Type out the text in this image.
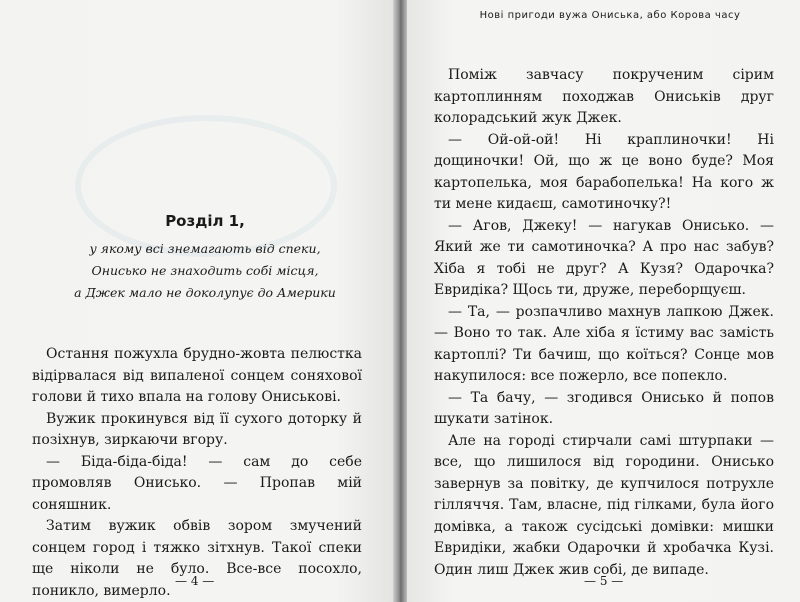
Розділ 1,
у якому всі знемагають від спеки,
Онисько не знаходить собі місця,
а Джек мало не доколупує до Америки

Остання пожухла брудно-жовта пелюстка відірвалася від випаленої сонцем соняхової голови й тихо впала на голову Ониськові.

Вужик прокинувся від її сухого доторку й позіхнув, зиркаючи вгору.

— Біда-біда-біда! — сам до себе промовляв Онисько. — Пропав мій соняшник.

Затим вужик обвів зором змучений сонцем город і тяжко зітхнув. Такої спеки ще ніколи не було. Все-все посохло, поникло, вимерло.

— 4 —
Нові пригоди вужа Ониська, або Корова часу

Поміж завчасу покрученим сірим картоплинням походжав Ониськів друг колорадський жук Джек.

— Ой-ой-ой! Ні краплиночки! Ні дощиночки! Ой, що ж це воно буде? Моя картопелька, моя барабопелька! На кого ж ти мене кидаєш, самотиночку?!

— Агов, Джеку! — нагукав Онисько. — Який же ти самотиночка? А про нас забув? Хіба я тобі не друг? А Кузя? Одарочка? Евридіка? Щось ти, друже, переборщуєш.

— Та, — розпачливо махнув лапкою Джек. — Воно то так. Але хіба я їстиму вас замість картоплі? Ти бачиш, що коїться? Сонце мов накупилося: все пожерло, все попекло.

— Та бачу, — згодився Онисько й попов шукати затінок.

Але на городі стирчали самі штурпаки — все, що лишилося від городини. Онисько завернув за повітку, де купчилося потрухле гілляччя. Там, власне, під гілками, була його домівка, а також сусідські домівки: мишки Евридіки, жабки Одарочки й хробачка Кузі. Один лиш Джек жив собі, де випаде.

— 5 —
